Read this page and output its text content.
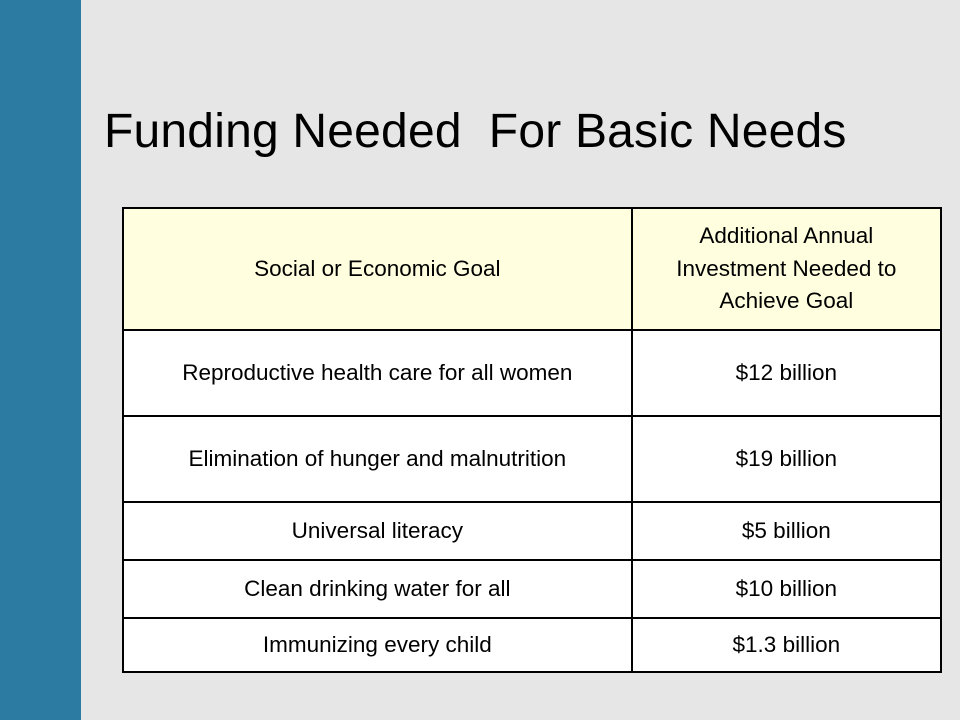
Funding Needed  For Basic Needs
Social or Economic Goal	Additional Annual Investment Needed to Achieve Goal
Reproductive health care for all women	$12 billion
Elimination of hunger and malnutrition	$19 billion
Universal literacy	$5 billion
Clean drinking water for all	$10 billion
Immunizing every child	$1.3 billion
